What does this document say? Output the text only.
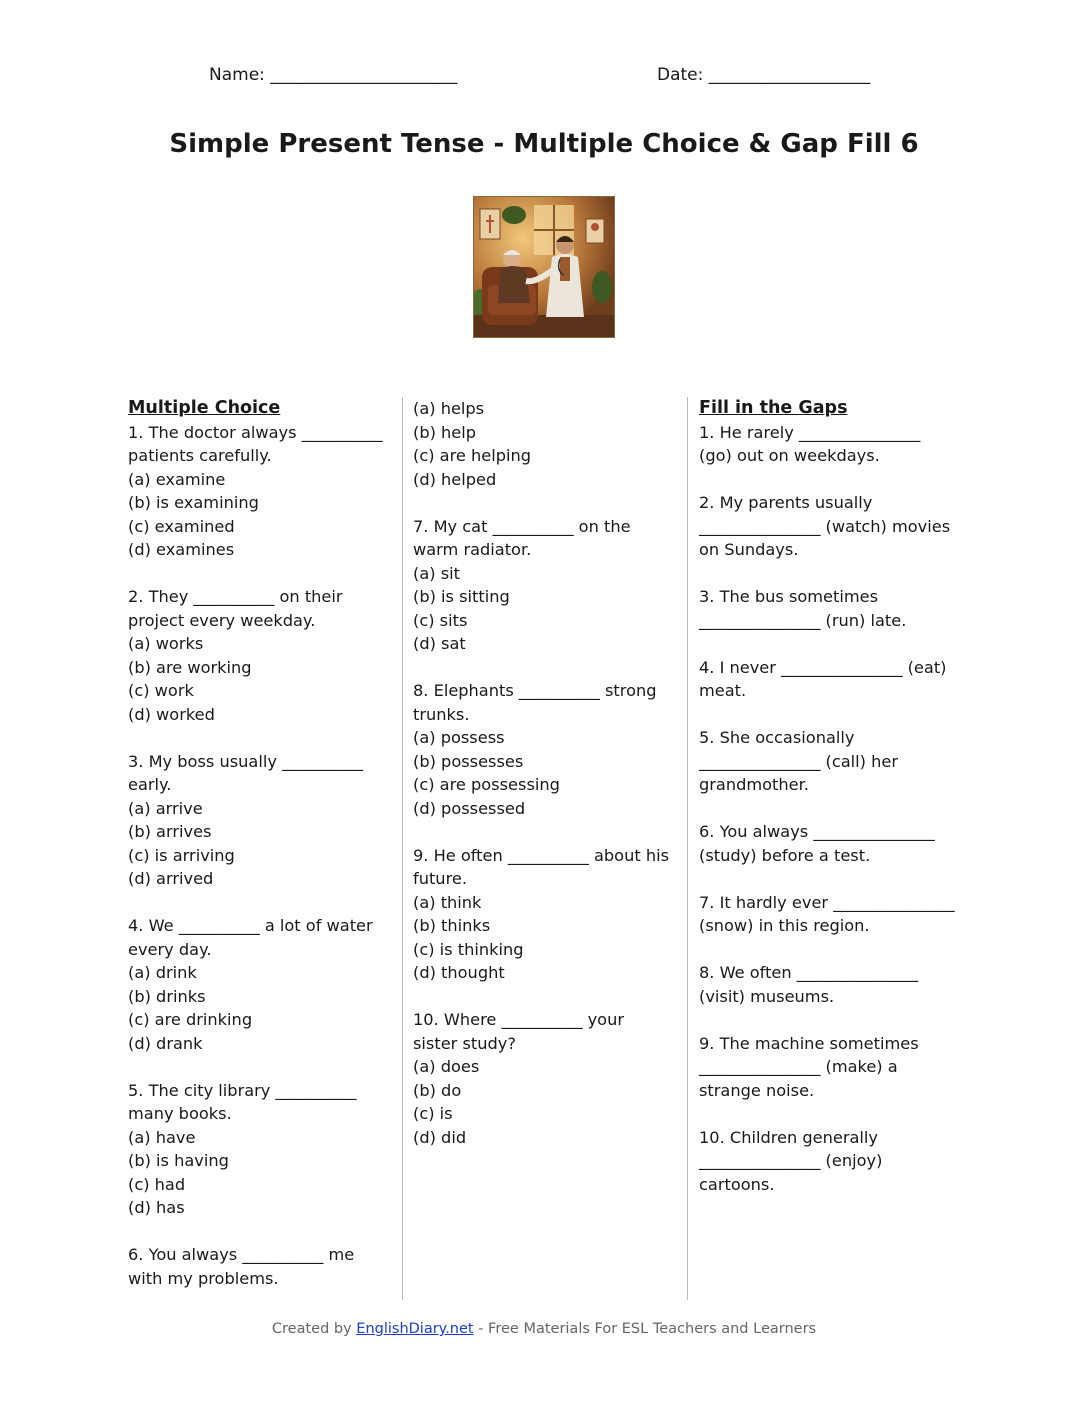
Name: ______________________	Date: ___________________
Simple Present Tense - Multiple Choice & Gap Fill 6
Multiple Choice
1. The doctor always __________
patients carefully.
(a) examine
(b) is examining
(c) examined
(d) examines
2. They __________ on their
project every weekday.
(a) works
(b) are working
(c) work
(d) worked
3. My boss usually __________
early.
(a) arrive
(b) arrives
(c) is arriving
(d) arrived
4. We __________ a lot of water
every day.
(a) drink
(b) drinks
(c) are drinking
(d) drank
5. The city library __________
many books.
(a) have
(b) is having
(c) had
(d) has
6. You always __________ me
with my problems.
(a) helps
(b) help
(c) are helping
(d) helped
7. My cat __________ on the
warm radiator.
(a) sit
(b) is sitting
(c) sits
(d) sat
8. Elephants __________ strong
trunks.
(a) possess
(b) possesses
(c) are possessing
(d) possessed
9. He often __________ about his
future.
(a) think
(b) thinks
(c) is thinking
(d) thought
10. Where __________ your
sister study?
(a) does
(b) do
(c) is
(d) did
Fill in the Gaps
1. He rarely _______________
(go) out on weekdays.
2. My parents usually
_______________ (watch) movies
on Sundays.
3. The bus sometimes
_______________ (run) late.
4. I never _______________ (eat)
meat.
5. She occasionally
_______________ (call) her
grandmother.
6. You always _______________
(study) before a test.
7. It hardly ever _______________
(snow) in this region.
8. We often _______________
(visit) museums.
9. The machine sometimes
_______________ (make) a
strange noise.
10. Children generally
_______________ (enjoy)
cartoons.
Created by EnglishDiary.net - Free Materials For ESL Teachers and Learners
